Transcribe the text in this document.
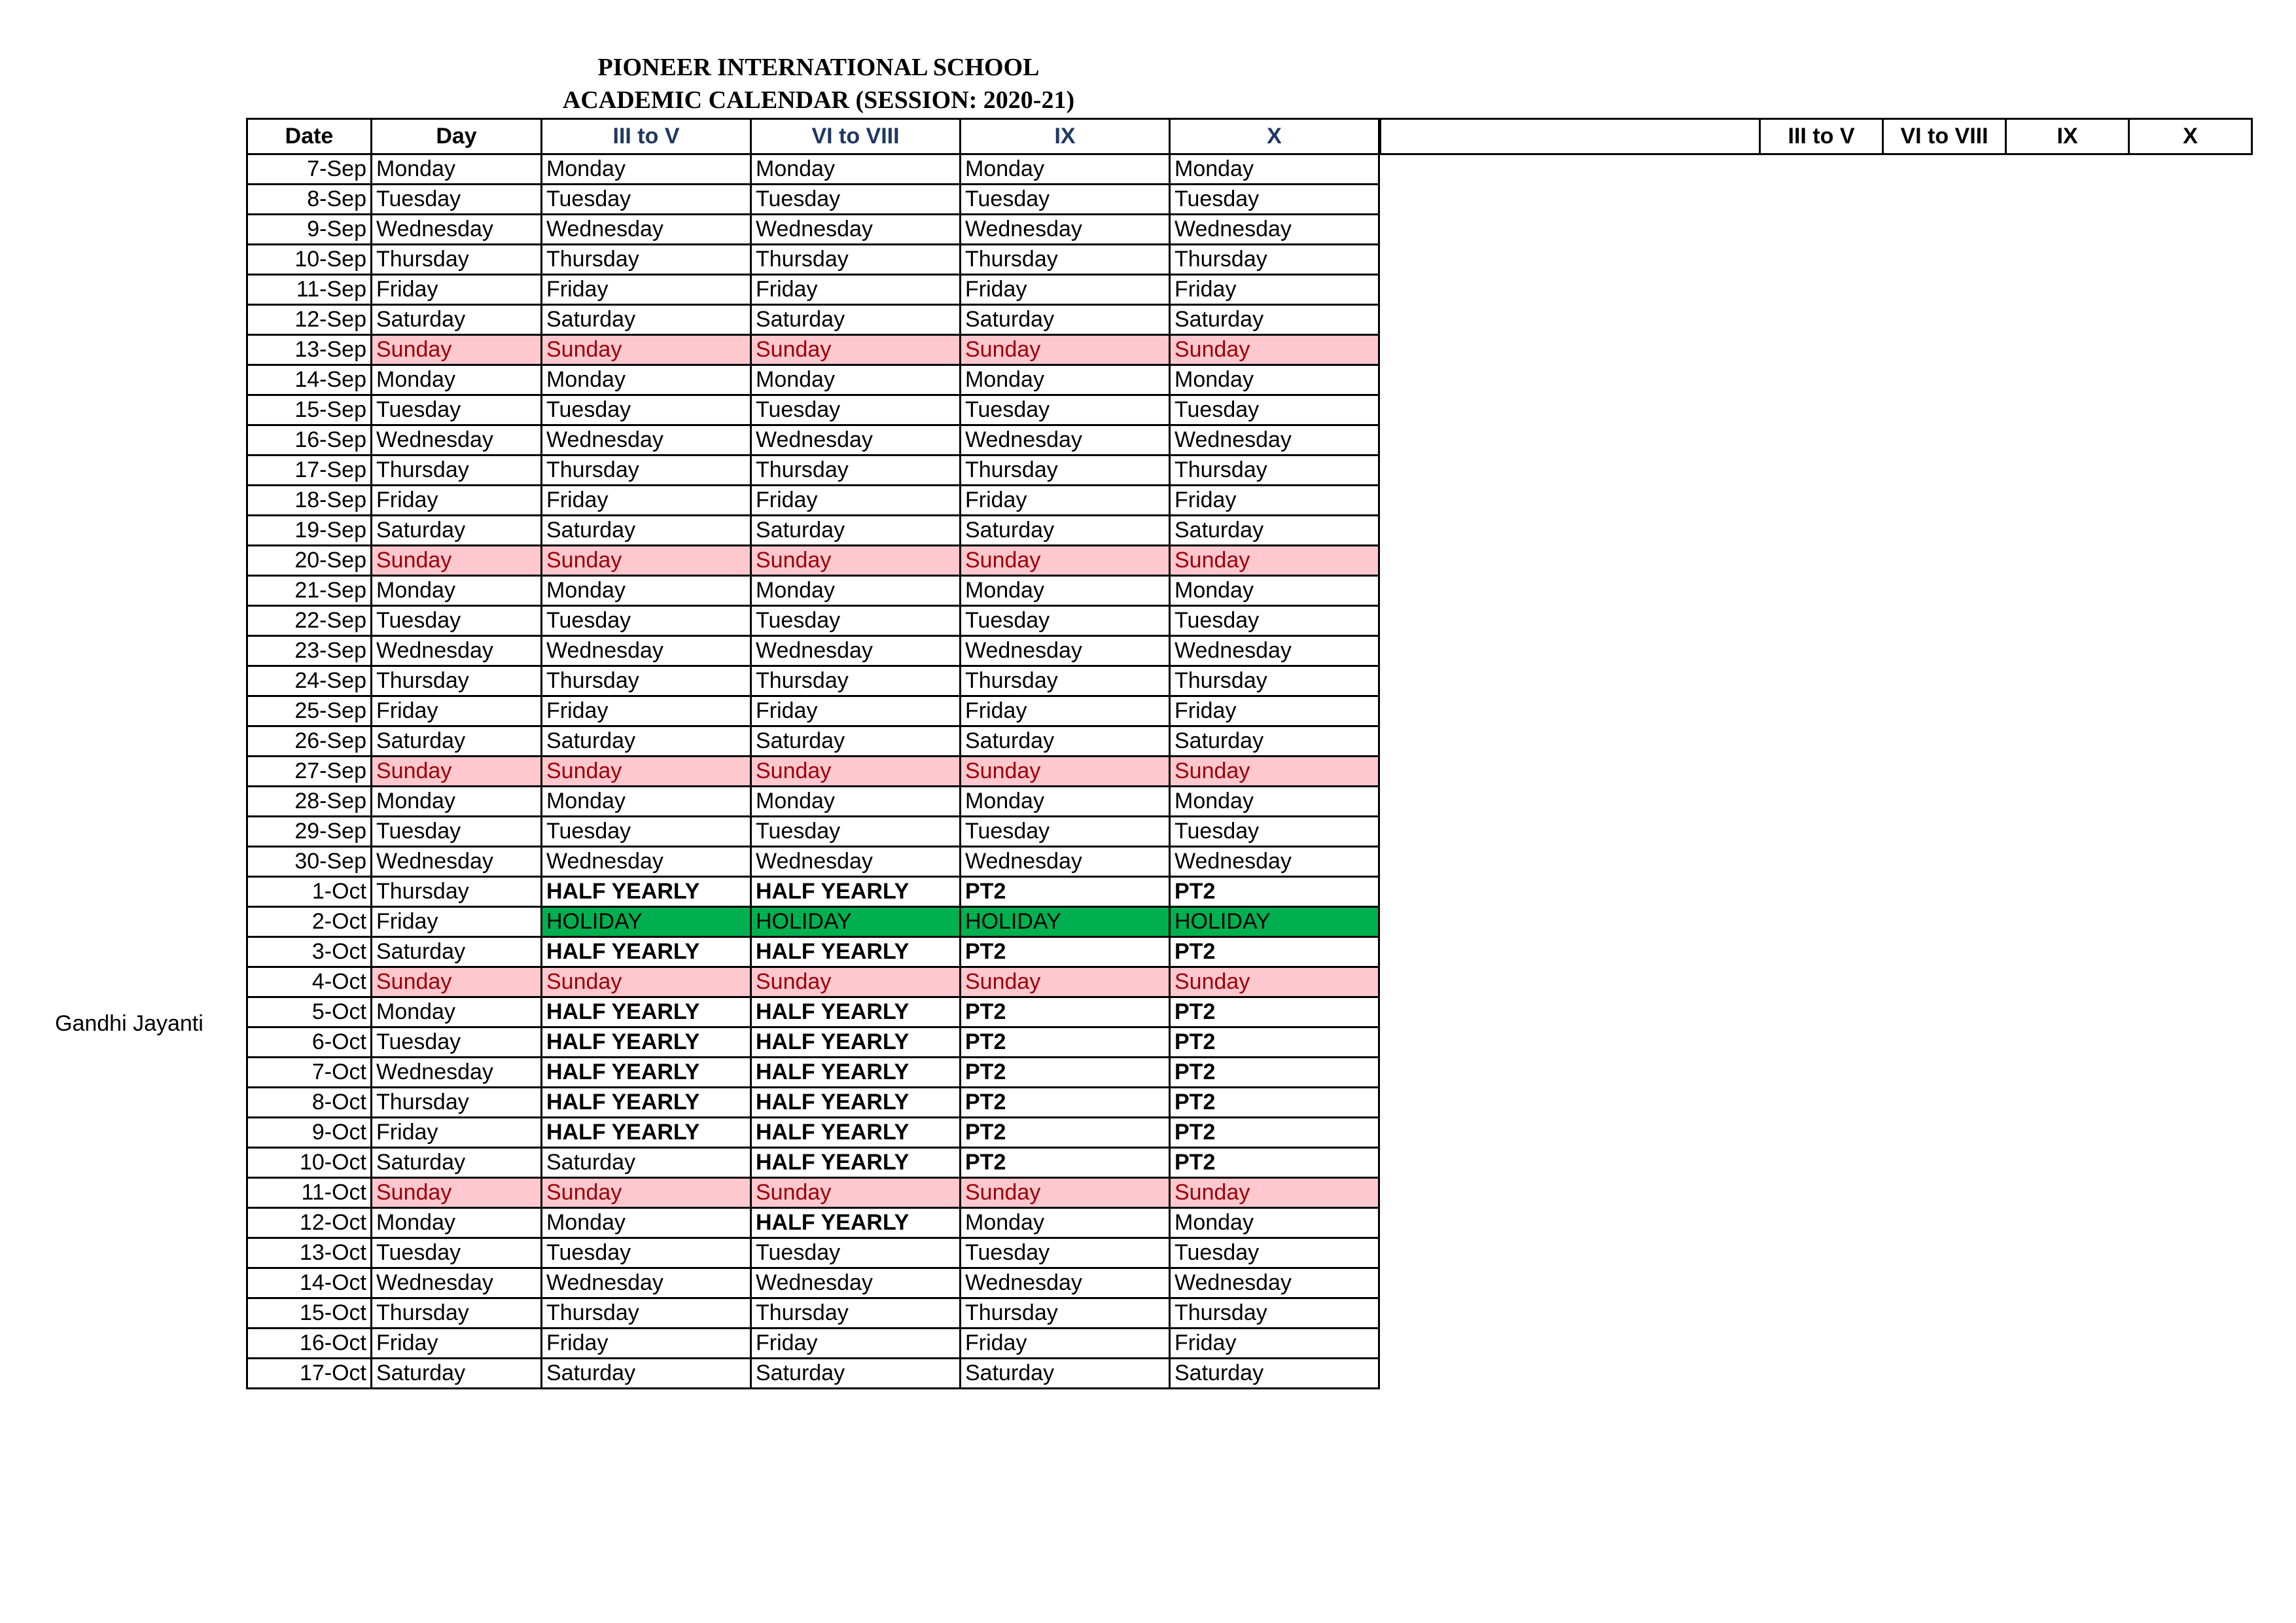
PIONEER INTERNATIONAL SCHOOL
ACADEMIC CALENDAR (SESSION: 2020-21)
Date	Day	III to V	VI to VIII	IX	X
7-Sep	Monday	Monday	Monday	Monday	Monday
8-Sep	Tuesday	Tuesday	Tuesday	Tuesday	Tuesday
9-Sep	Wednesday	Wednesday	Wednesday	Wednesday	Wednesday
10-Sep	Thursday	Thursday	Thursday	Thursday	Thursday
11-Sep	Friday	Friday	Friday	Friday	Friday
12-Sep	Saturday	Saturday	Saturday	Saturday	Saturday
13-Sep	Sunday	Sunday	Sunday	Sunday	Sunday
14-Sep	Monday	Monday	Monday	Monday	Monday
15-Sep	Tuesday	Tuesday	Tuesday	Tuesday	Tuesday
16-Sep	Wednesday	Wednesday	Wednesday	Wednesday	Wednesday
17-Sep	Thursday	Thursday	Thursday	Thursday	Thursday
18-Sep	Friday	Friday	Friday	Friday	Friday
19-Sep	Saturday	Saturday	Saturday	Saturday	Saturday
20-Sep	Sunday	Sunday	Sunday	Sunday	Sunday
21-Sep	Monday	Monday	Monday	Monday	Monday
22-Sep	Tuesday	Tuesday	Tuesday	Tuesday	Tuesday
23-Sep	Wednesday	Wednesday	Wednesday	Wednesday	Wednesday
24-Sep	Thursday	Thursday	Thursday	Thursday	Thursday
25-Sep	Friday	Friday	Friday	Friday	Friday
26-Sep	Saturday	Saturday	Saturday	Saturday	Saturday
27-Sep	Sunday	Sunday	Sunday	Sunday	Sunday
28-Sep	Monday	Monday	Monday	Monday	Monday
29-Sep	Tuesday	Tuesday	Tuesday	Tuesday	Tuesday
30-Sep	Wednesday	Wednesday	Wednesday	Wednesday	Wednesday
1-Oct	Thursday	HALF YEARLY	HALF YEARLY	PT2	PT2
2-Oct	Friday	HOLIDAY	HOLIDAY	HOLIDAY	HOLIDAY
3-Oct	Saturday	HALF YEARLY	HALF YEARLY	PT2	PT2
4-Oct	Sunday	Sunday	Sunday	Sunday	Sunday
5-Oct	Monday	HALF YEARLY	HALF YEARLY	PT2	PT2
6-Oct	Tuesday	HALF YEARLY	HALF YEARLY	PT2	PT2
7-Oct	Wednesday	HALF YEARLY	HALF YEARLY	PT2	PT2
8-Oct	Thursday	HALF YEARLY	HALF YEARLY	PT2	PT2
9-Oct	Friday	HALF YEARLY	HALF YEARLY	PT2	PT2
10-Oct	Saturday	Saturday	HALF YEARLY	PT2	PT2
11-Oct	Sunday	Sunday	Sunday	Sunday	Sunday
12-Oct	Monday	Monday	HALF YEARLY	Monday	Monday
13-Oct	Tuesday	Tuesday	Tuesday	Tuesday	Tuesday
14-Oct	Wednesday	Wednesday	Wednesday	Wednesday	Wednesday
15-Oct	Thursday	Thursday	Thursday	Thursday	Thursday
16-Oct	Friday	Friday	Friday	Friday	Friday
17-Oct	Saturday	Saturday	Saturday	Saturday	Saturday
	III to V	VI to VIII	IX	X
Gandhi Jayanti
